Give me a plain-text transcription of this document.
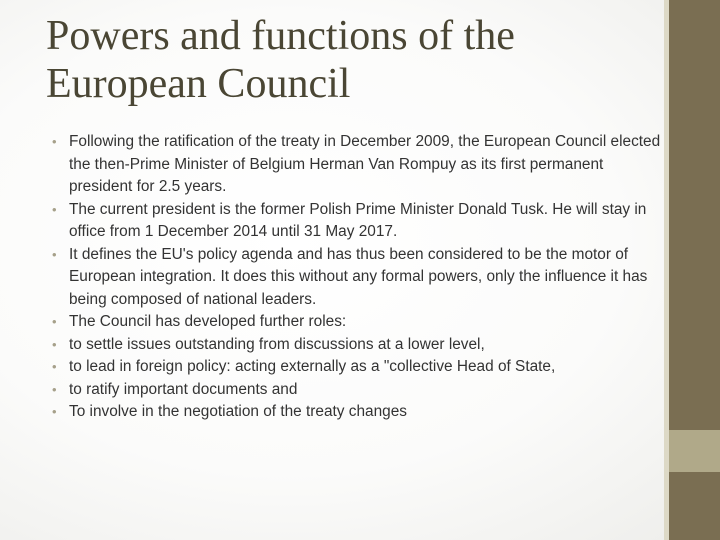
Powers and functions of the European Council
• Following the ratification of the treaty in December 2009, the European Council elected the then-Prime Minister of Belgium Herman Van Rompuy as its first permanent president for 2.5 years.
• The current president is the former Polish Prime Minister Donald Tusk. He will stay in office from 1 December 2014 until 31 May 2017.
• It defines the EU's policy agenda and has thus been considered to be the motor of European integration. It does this without any formal powers, only the influence it has being composed of national leaders.
• The Council has developed further roles:
• to settle issues outstanding from discussions at a lower level,
• to lead in foreign policy: acting externally as a "collective Head of State,
• to ratify important documents and
• To involve in the negotiation of the treaty changes
